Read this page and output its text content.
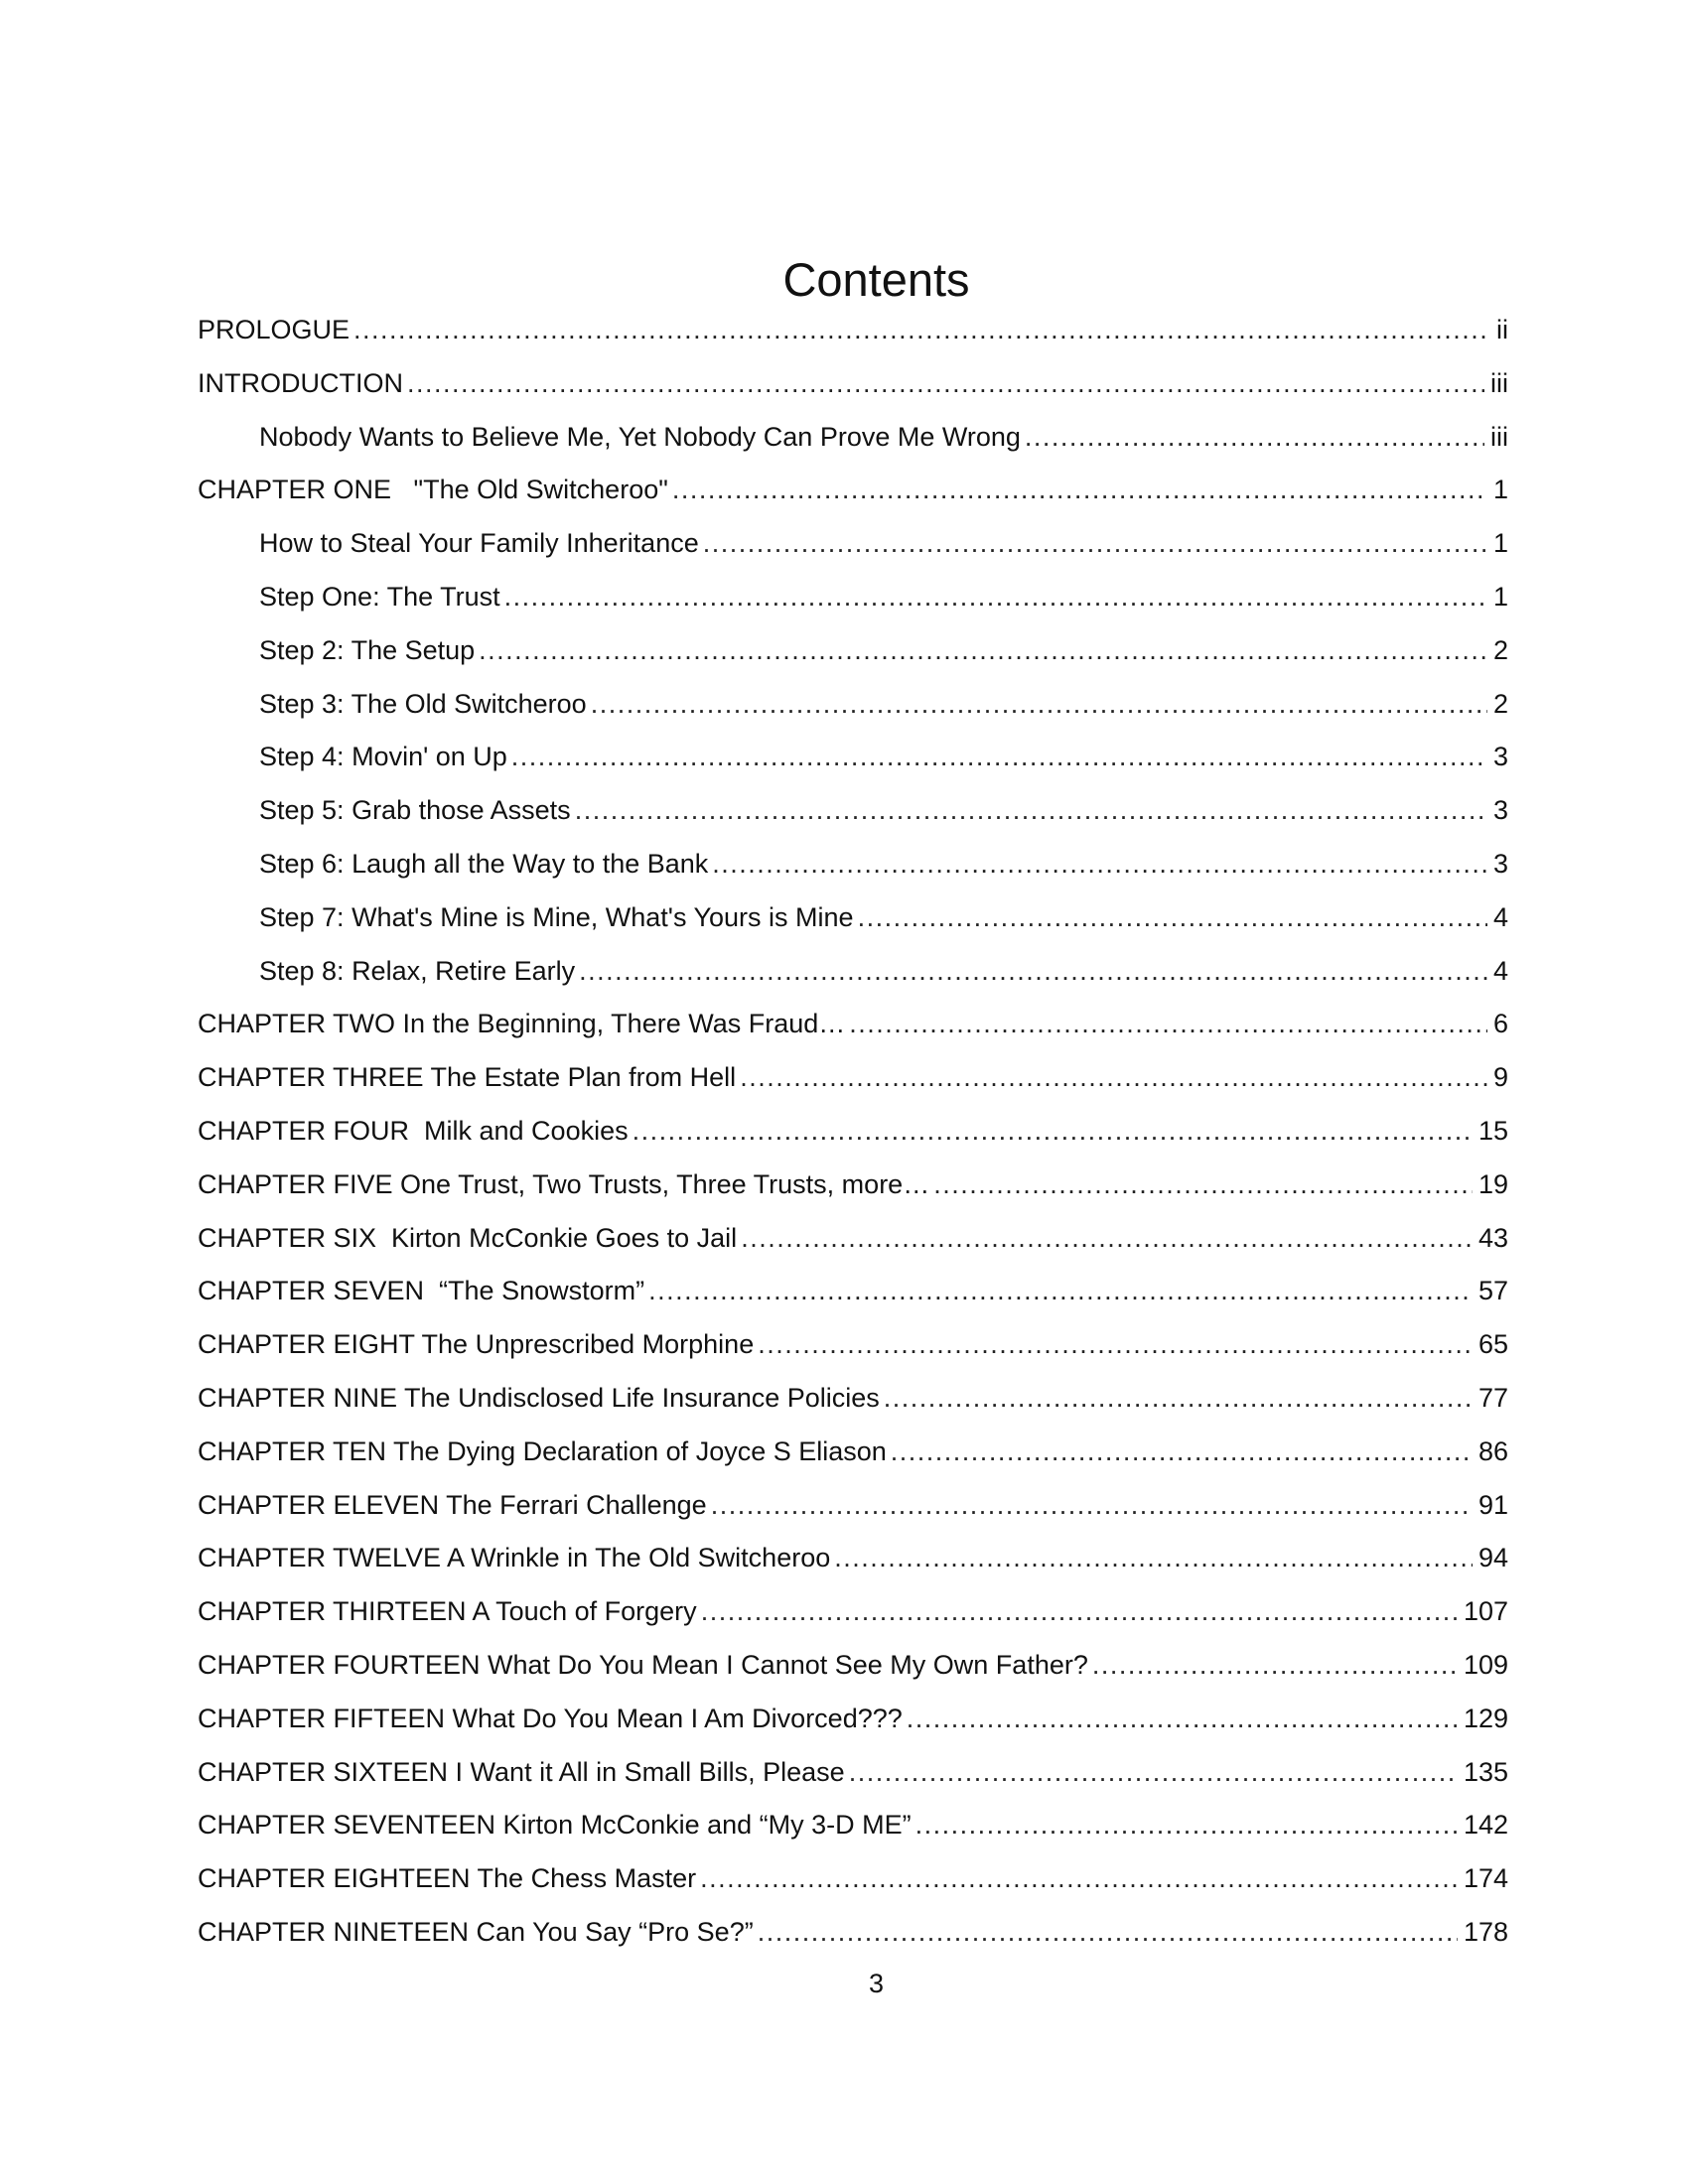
Contents
PROLOGUE .....	ii
INTRODUCTION .....	iii
Nobody Wants to Believe Me, Yet Nobody Can Prove Me Wrong .....	iii
CHAPTER ONE   "The Old Switcheroo" .....	1
How to Steal Your Family Inheritance .....	1
Step One: The Trust .....	1
Step 2: The Setup .....	2
Step 3: The Old Switcheroo .....	2
Step 4: Movin' on Up .....	3
Step 5: Grab those Assets .....	3
Step 6: Laugh all the Way to the Bank .....	3
Step 7: What's Mine is Mine, What's Yours is Mine .....	4
Step 8: Relax, Retire Early .....	4
CHAPTER TWO In the Beginning, There Was Fraud… .....	6
CHAPTER THREE The Estate Plan from Hell .....	9
CHAPTER FOUR  Milk and Cookies .....	15
CHAPTER FIVE One Trust, Two Trusts, Three Trusts, more… .....	19
CHAPTER SIX  Kirton McConkie Goes to Jail .....	43
CHAPTER SEVEN  “The Snowstorm” .....	57
CHAPTER EIGHT The Unprescribed Morphine .....	65
CHAPTER NINE The Undisclosed Life Insurance Policies .....	77
CHAPTER TEN The Dying Declaration of Joyce S Eliason .....	86
CHAPTER ELEVEN The Ferrari Challenge .....	91
CHAPTER TWELVE A Wrinkle in The Old Switcheroo .....	94
CHAPTER THIRTEEN A Touch of Forgery .....	107
CHAPTER FOURTEEN What Do You Mean I Cannot See My Own Father? .....	109
CHAPTER FIFTEEN What Do You Mean I Am Divorced??? .....	129
CHAPTER SIXTEEN I Want it All in Small Bills, Please .....	135
CHAPTER SEVENTEEN Kirton McConkie and “My 3-D ME” .....	142
CHAPTER EIGHTEEN The Chess Master .....	174
CHAPTER NINETEEN Can You Say “Pro Se?” .....	178
3
